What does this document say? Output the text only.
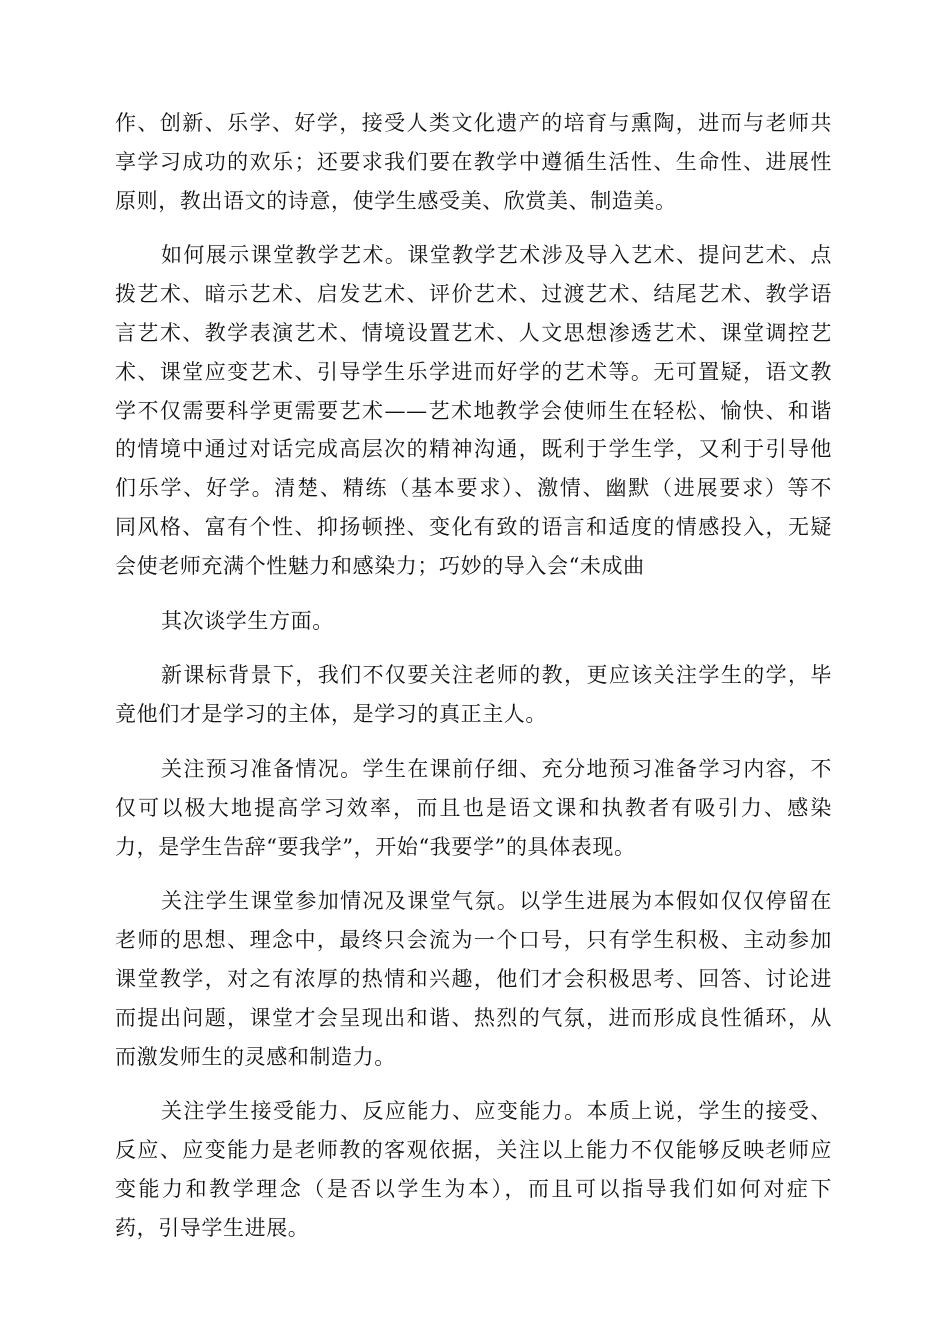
作、创新、乐学、好学，接受人类文化遗产的培育与熏陶，进而与老师共
享学习成功的欢乐；还要求我们要在教学中遵循生活性、生命性、进展性
原则，教出语文的诗意，使学生感受美、欣赏美、制造美。

如何展示课堂教学艺术。课堂教学艺术涉及导入艺术、提问艺术、点
拨艺术、暗示艺术、启发艺术、评价艺术、过渡艺术、结尾艺术、教学语
言艺术、教学表演艺术、情境设置艺术、人文思想渗透艺术、课堂调控艺
术、课堂应变艺术、引导学生乐学进而好学的艺术等。无可置疑，语文教
学不仅需要科学更需要艺术——艺术地教学会使师生在轻松、愉快、和谐
的情境中通过对话完成高层次的精神沟通，既利于学生学，又利于引导他
们乐学、好学。清楚、精练（基本要求）、激情、幽默（进展要求）等不
同风格、富有个性、抑扬顿挫、变化有致的语言和适度的情感投入，无疑
会使老师充满个性魅力和感染力；巧妙的导入会“未成曲

其次谈学生方面。

新课标背景下，我们不仅要关注老师的教，更应该关注学生的学，毕
竟他们才是学习的主体，是学习的真正主人。

关注预习准备情况。学生在课前仔细、充分地预习准备学习内容，不
仅可以极大地提高学习效率，而且也是语文课和执教者有吸引力、感染
力，是学生告辞“要我学”，开始“我要学”的具体表现。

关注学生课堂参加情况及课堂气氛。以学生进展为本假如仅仅停留在
老师的思想、理念中，最终只会流为一个口号，只有学生积极、主动参加
课堂教学，对之有浓厚的热情和兴趣，他们才会积极思考、回答、讨论进
而提出问题，课堂才会呈现出和谐、热烈的气氛，进而形成良性循环，从
而激发师生的灵感和制造力。

关注学生接受能力、反应能力、应变能力。本质上说，学生的接受、
反应、应变能力是老师教的客观依据，关注以上能力不仅能够反映老师应
变能力和教学理念（是否以学生为本），而且可以指导我们如何对症下
药，引导学生进展。
